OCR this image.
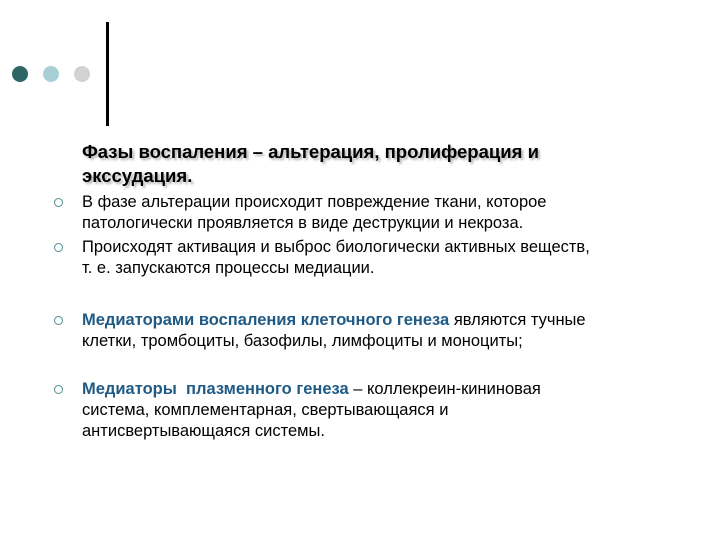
Фазы воспаления – альтерация, пролиферация и
экссудация.
В фазе альтерации происходит повреждение ткани, которое
патологически проявляется в виде деструкции и некроза.
Происходят активация и выброс биологически активных веществ,
т. е. запускаются процессы медиации.
Медиаторами воспаления клеточного генеза являются тучные
клетки, тромбоциты, базофилы, лимфоциты и моноциты;
Медиаторы  плазменного генеза – коллекреин-кининовая
система, комплементарная, свертывающаяся и
антисвертывающаяся системы.
